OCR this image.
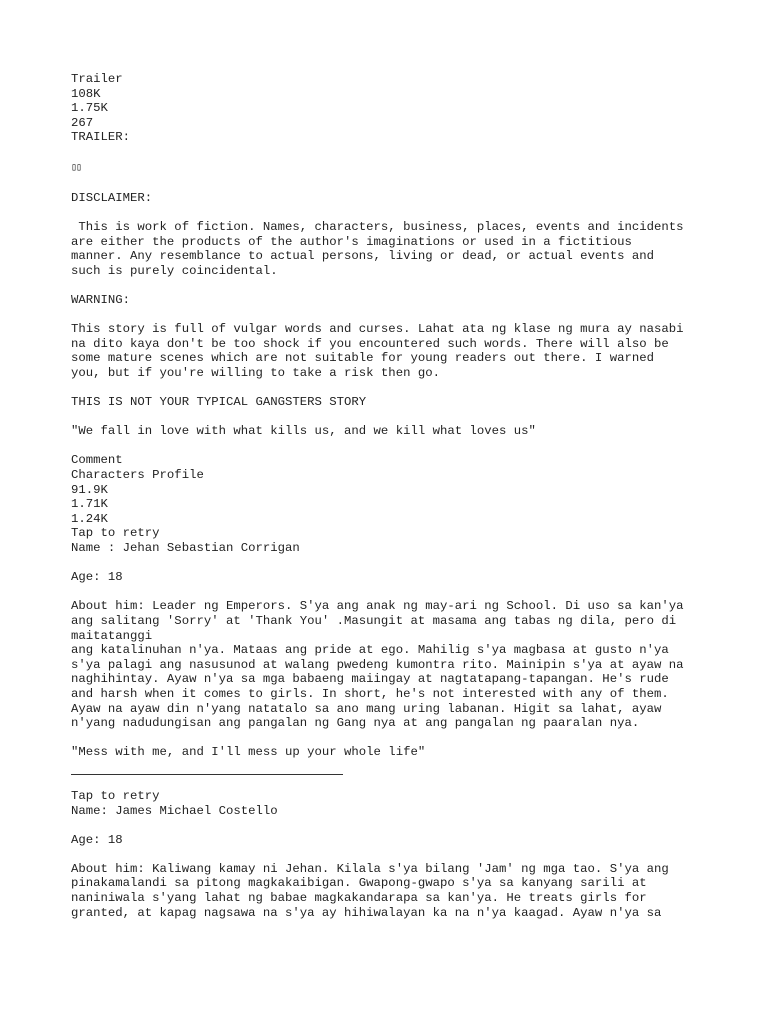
Trailer
108K
1.75K
267
TRAILER:
▯▯
DISCLAIMER:
This is work of fiction. Names, characters, business, places, events and incidents
are either the products of the author's imaginations or used in a fictitious
manner. Any resemblance to actual persons, living or dead, or actual events and
such is purely coincidental.
WARNING:
This story is full of vulgar words and curses. Lahat ata ng klase ng mura ay nasabi
na dito kaya don't be too shock if you encountered such words. There will also be
some mature scenes which are not suitable for young readers out there. I warned
you, but if you're willing to take a risk then go.
THIS IS NOT YOUR TYPICAL GANGSTERS STORY
"We fall in love with what kills us, and we kill what loves us"
Comment
Characters Profile
91.9K
1.71K
1.24K
Tap to retry
Name : Jehan Sebastian Corrigan
Age: 18
About him: Leader ng Emperors. S'ya ang anak ng may-ari ng School. Di uso sa kan'ya
ang salitang 'Sorry' at 'Thank You' .Masungit at masama ang tabas ng dila, pero di
maitatanggi
ang katalinuhan n'ya. Mataas ang pride at ego. Mahilig s'ya magbasa at gusto n'ya
s'ya palagi ang nasusunod at walang pwedeng kumontra rito. Mainipin s'ya at ayaw na
naghihintay. Ayaw n'ya sa mga babaeng maiingay at nagtatapang-tapangan. He's rude
and harsh when it comes to girls. In short, he's not interested with any of them.
Ayaw na ayaw din n'yang natatalo sa ano mang uring labanan. Higit sa lahat, ayaw
n'yang nadudungisan ang pangalan ng Gang nya at ang pangalan ng paaralan nya.
"Mess with me, and I'll mess up your whole life"
Tap to retry
Name: James Michael Costello
Age: 18
About him: Kaliwang kamay ni Jehan. Kilala s'ya bilang 'Jam' ng mga tao. S'ya ang
pinakamalandi sa pitong magkakaibigan. Gwapong-gwapo s'ya sa kanyang sarili at
naniniwala s'yang lahat ng babae magkakandarapa sa kan'ya. He treats girls for
granted, at kapag nagsawa na s'ya ay hihiwalayan ka na n'ya kaagad. Ayaw n'ya sa
